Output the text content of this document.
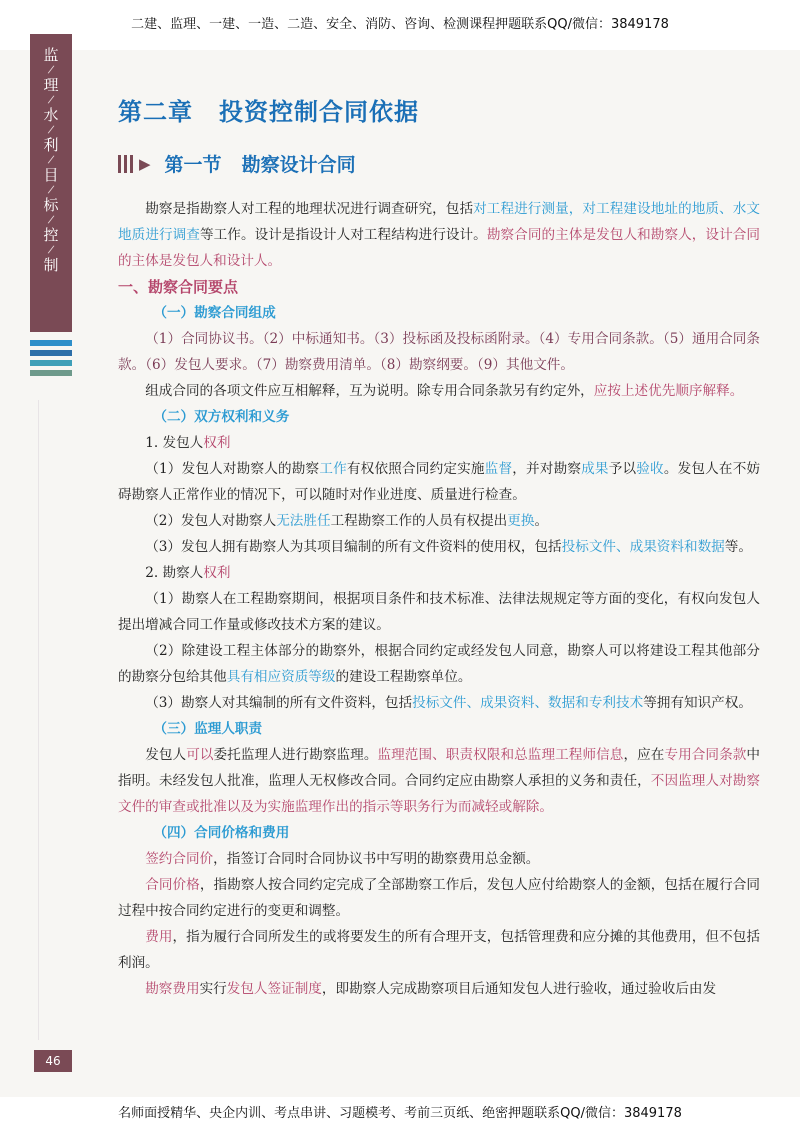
二建、监理、一建、一造、二造、安全、消防、咨询、检测课程押题联系QQ/微信：3849178
监
/
理
/
水
/
利
/
目
/
标
/
控
/
制
第二章 投资控制合同依据
▶ 第一节 勘察设计合同

勘察是指勘察人对工程的地理状况进行调查研究，包括对工程进行测量，对工程建设地址的地质、水文地质进行调查等工作。设计是指设计人对工程结构进行设计。勘察合同的主体是发包人和勘察人，设计合同的主体是发包人和设计人。

一、勘察合同要点

（一）勘察合同组成

（1）合同协议书。（2）中标通知书。（3）投标函及投标函附录。（4）专用合同条款。（5）通用合同条款。（6）发包人要求。（7）勘察费用清单。（8）勘察纲要。（9）其他文件。

组成合同的各项文件应互相解释，互为说明。除专用合同条款另有约定外，应按上述优先顺序解释。

（二）双方权利和义务

1. 发包人权利

（1）发包人对勘察人的勘察工作有权依照合同约定实施监督，并对勘察成果予以验收。发包人在不妨碍勘察人正常作业的情况下，可以随时对作业进度、质量进行检查。

（2）发包人对勘察人无法胜任工程勘察工作的人员有权提出更换。

（3）发包人拥有勘察人为其项目编制的所有文件资料的使用权，包括投标文件、成果资料和数据等。

2. 勘察人权利

（1）勘察人在工程勘察期间，根据项目条件和技术标准、法律法规规定等方面的变化，有权向发包人提出增减合同工作量或修改技术方案的建议。

（2）除建设工程主体部分的勘察外，根据合同约定或经发包人同意，勘察人可以将建设工程其他部分的勘察分包给其他具有相应资质等级的建设工程勘察单位。

（3）勘察人对其编制的所有文件资料，包括投标文件、成果资料、数据和专利技术等拥有知识产权。

（三）监理人职责

发包人可以委托监理人进行勘察监理。监理范围、职责权限和总监理工程师信息，应在专用合同条款中指明。未经发包人批准，监理人无权修改合同。合同约定应由勘察人承担的义务和责任，不因监理人对勘察文件的审查或批准以及为实施监理作出的指示等职务行为而减轻或解除。

（四）合同价格和费用

签约合同价，指签订合同时合同协议书中写明的勘察费用总金额。

合同价格，指勘察人按合同约定完成了全部勘察工作后，发包人应付给勘察人的金额，包括在履行合同过程中按合同约定进行的变更和调整。

费用，指为履行合同所发生的或将要发生的所有合理开支，包括管理费和应分摊的其他费用，但不包括利润。

勘察费用实行发包人签证制度，即勘察人完成勘察项目后通知发包人进行验收，通过验收后由发

46
名师面授精华、央企内训、考点串讲、习题模考、考前三页纸、绝密押题联系QQ/微信：3849178
